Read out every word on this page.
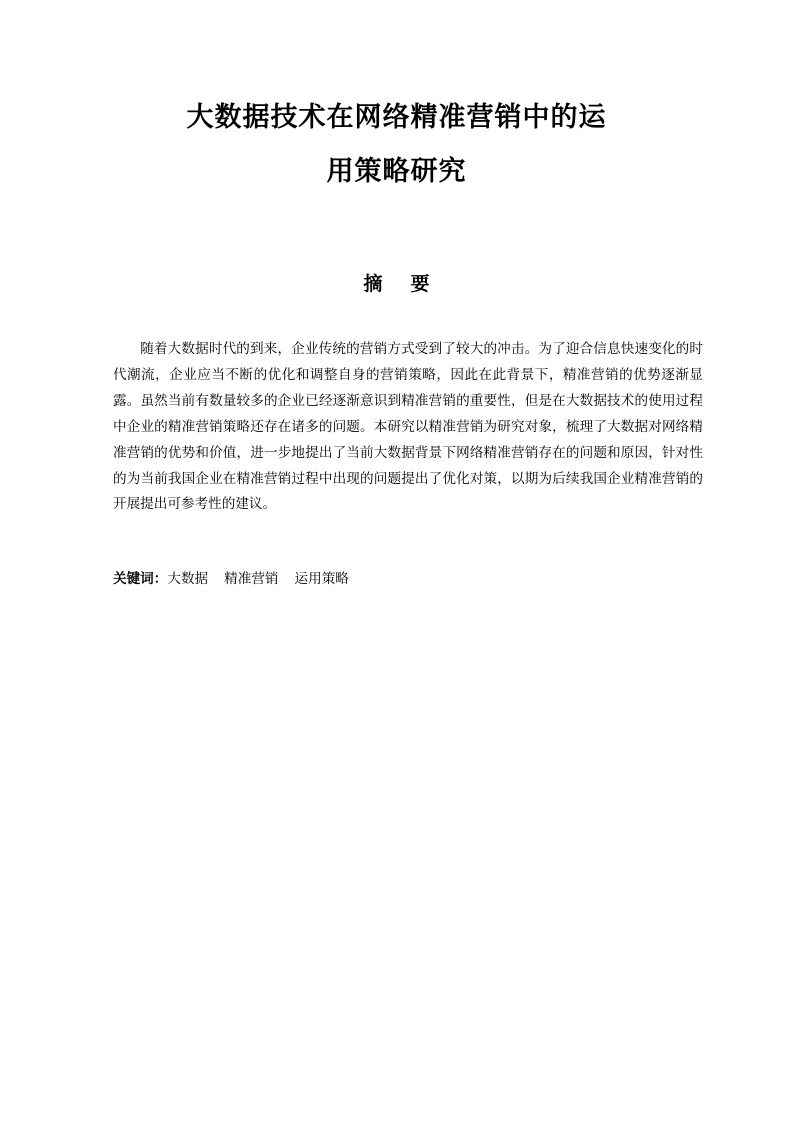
大数据技术在网络精准营销中的运
用策略研究
摘 要

随着大数据时代的到来，企业传统的营销方式受到了较大的冲击。为了迎合信息快速变化的时代潮流，企业应当不断的优化和调整自身的营销策略，因此在此背景下，精准营销的优势逐渐显露。虽然当前有数量较多的企业已经逐渐意识到精准营销的重要性，但是在大数据技术的使用过程中企业的精准营销策略还存在诸多的问题。本研究以精准营销为研究对象，梳理了大数据对网络精准营销的优势和价值，进一步地提出了当前大数据背景下网络精准营销存在的问题和原因，针对性的为当前我国企业在精准营销过程中出现的问题提出了优化对策，以期为后续我国企业精准营销的开展提出可参考性的建议。

关键词：大数据 精准营销 运用策略
